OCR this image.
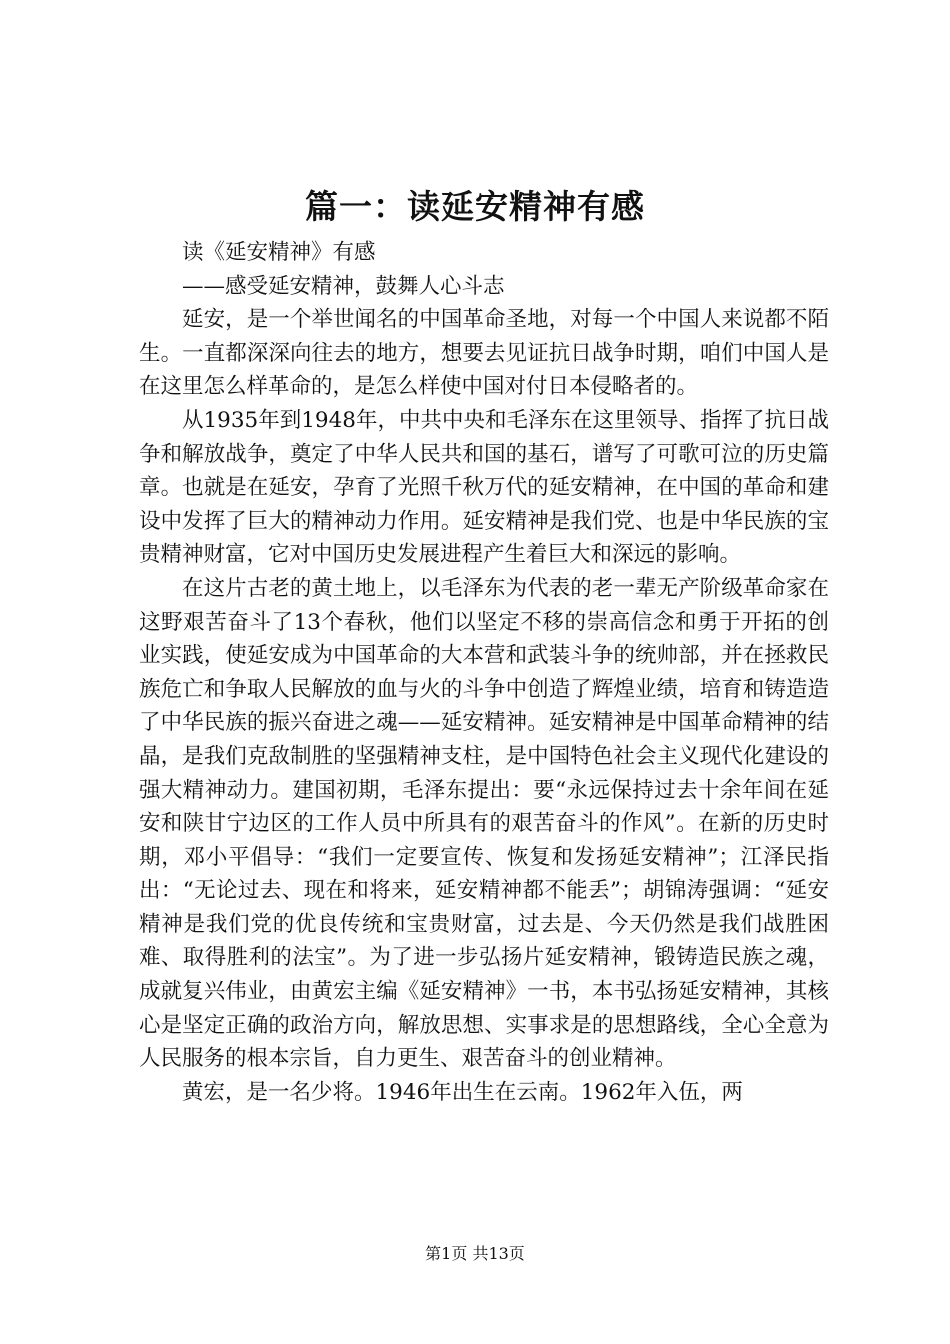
篇一：读延安精神有感

读《延安精神》有感

——感受延安精神，鼓舞人心斗志

延安，是一个举世闻名的中国革命圣地，对每一个中国人来说都不陌生。一直都深深向往去的地方，想要去见证抗日战争时期，咱们中国人是在这里怎么样革命的，是怎么样使中国对付日本侵略者的。

从1935年到1948年，中共中央和毛泽东在这里领导、指挥了抗日战争和解放战争，奠定了中华人民共和国的基石，谱写了可歌可泣的历史篇章。也就是在延安，孕育了光照千秋万代的延安精神，在中国的革命和建设中发挥了巨大的精神动力作用。延安精神是我们党、也是中华民族的宝贵精神财富，它对中国历史发展进程产生着巨大和深远的影响。

在这片古老的黄土地上，以毛泽东为代表的老一辈无产阶级革命家在这野艰苦奋斗了13个春秋，他们以坚定不移的崇高信念和勇于开拓的创业实践，使延安成为中国革命的大本营和武装斗争的统帅部，并在拯救民族危亡和争取人民解放的血与火的斗争中创造了辉煌业绩，培育和铸造造了中华民族的振兴奋进之魂——延安精神。延安精神是中国革命精神的结晶，是我们克敌制胜的坚强精神支柱，是中国特色社会主义现代化建设的强大精神动力。建国初期，毛泽东提出：要“永远保持过去十余年间在延安和陕甘宁边区的工作人员中所具有的艰苦奋斗的作风”。在新的历史时期，邓小平倡导：“我们一定要宣传、恢复和发扬延安精神”；江泽民指出：“无论过去、现在和将来，延安精神都不能丢”；胡锦涛强调：“延安精神是我们党的优良传统和宝贵财富，过去是、今天仍然是我们战胜困难、取得胜利的法宝”。为了进一步弘扬片延安精神，锻铸造民族之魂，成就复兴伟业，由黄宏主编《延安精神》一书，本书弘扬延安精神，其核心是坚定正确的政治方向，解放思想、实事求是的思想路线，全心全意为人民服务的根本宗旨，自力更生、艰苦奋斗的创业精神。

黄宏，是一名少将。1946年出生在云南。1962年入伍，两

第1页 共13页
